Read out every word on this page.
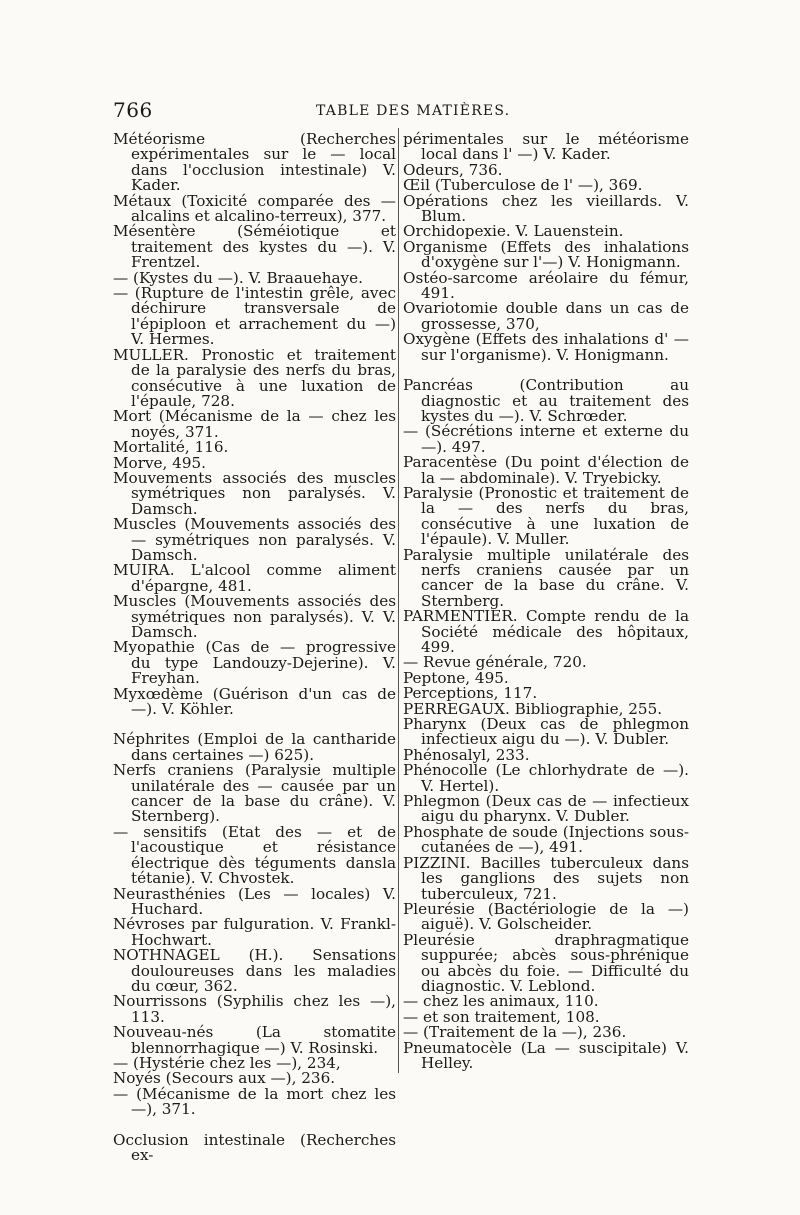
766	TABLE DES MATIÈRES.

Météorisme (Recherches expérimentales sur le — local dans l'occlusion intestinale) V. Kader.

Métaux (Toxicité comparée des — alcalins et alcalino-terreux), 377.

Mésentère (Séméiotique et traitement des kystes du —). V. Frentzel.

— (Kystes du —). V. Braauehaye.

— (Rupture de l'intestin grêle, avec déchirure transversale de l'épiploon et arrachement du —) V. Hermes.

MULLER. Pronostic et traitement de la paralysie des nerfs du bras, consécutive à une luxation de l'épaule, 728.

Mort (Mécanisme de la — chez les noyés, 371.

Mortalité, 116.

Morve, 495.

Mouvements associés des muscles symétriques non paralysés. V. Damsch.

Muscles (Mouvements associés des — symétriques non paralysés. V. Damsch.

MUIRA. L'alcool comme aliment d'épargne, 481.

Muscles (Mouvements associés des symétriques non paralysés). V. V. Damsch.

Myopathie (Cas de — progressive du type Landouzy-Dejerine). V. Freyhan.

Myxœdème (Guérison d'un cas de —). V. Köhler.

Néphrites (Emploi de la cantharide dans certaines —) 625).

Nerfs craniens (Paralysie multiple unilatérale des — causée par un cancer de la base du crâne). V. Sternberg).

— sensitifs (Etat des — et de l'acoustique et résistance électrique dès téguments dansla tétanie). V. Chvostek.

Neurasthénies (Les — locales) V. Huchard.

Névroses par fulguration. V. Frankl-Hochwart.

NOTHNAGEL (H.). Sensations douloureuses dans les maladies du cœur, 362.

Nourrissons (Syphilis chez les —), 113.

Nouveau-nés (La stomatite blennorrhagique —) V. Rosinski.

— (Hystérie chez les —), 234,

Noyés (Secours aux —), 236.

— (Mécanisme de la mort chez les —), 371.

Occlusion intestinale (Recherches ex-

périmentales sur le météorisme local dans l' —) V. Kader.

Odeurs, 736.

Œil (Tuberculose de l' —), 369.

Opérations chez les vieillards. V. Blum.

Orchidopexie. V. Lauenstein.

Organisme (Effets des inhalations d'oxygène sur l'—) V. Honigmann.

Ostéo-sarcome aréolaire du fémur, 491.

Ovariotomie double dans un cas de grossesse, 370,

Oxygène (Effets des inhalations d' — sur l'organisme). V. Honigmann.

Pancréas (Contribution au diagnostic et au traitement des kystes du —). V. Schrœder.

— (Sécrétions interne et externe du —). 497.

Paracentèse (Du point d'élection de la — abdominale). V. Tryebicky.

Paralysie (Pronostic et traitement de la — des nerfs du bras, consécutive à une luxation de l'épaule). V. Muller.

Paralysie multiple unilatérale des nerfs craniens causée par un cancer de la base du crâne. V. Sternberg.

PARMENTIER. Compte rendu de la Société médicale des hôpitaux, 499.

— Revue générale, 720.

Peptone, 495.

Perceptions, 117.

PERREGAUX. Bibliographie, 255.

Pharynx (Deux cas de phlegmon infectieux aigu du —). V. Dubler.

Phénosalyl, 233.

Phénocolle (Le chlorhydrate de —). V. Hertel).

Phlegmon (Deux cas de — infectieux aigu du pharynx. V. Dubler.

Phosphate de soude (Injections sous-cutanées de —), 491.

PIZZINI. Bacilles tuberculeux dans les ganglions des sujets non tuberculeux, 721.

Pleurésie (Bactériologie de la —) aiguë). V. Golscheider.

Pleurésie draphragmatique suppurée; abcès sous-phrénique ou abcès du foie. — Difficulté du diagnostic. V. Leblond.

— chez les animaux, 110.

— et son traitement, 108.

— (Traitement de la —), 236.

Pneumatocèle (La — suscipitale) V. Helley.
